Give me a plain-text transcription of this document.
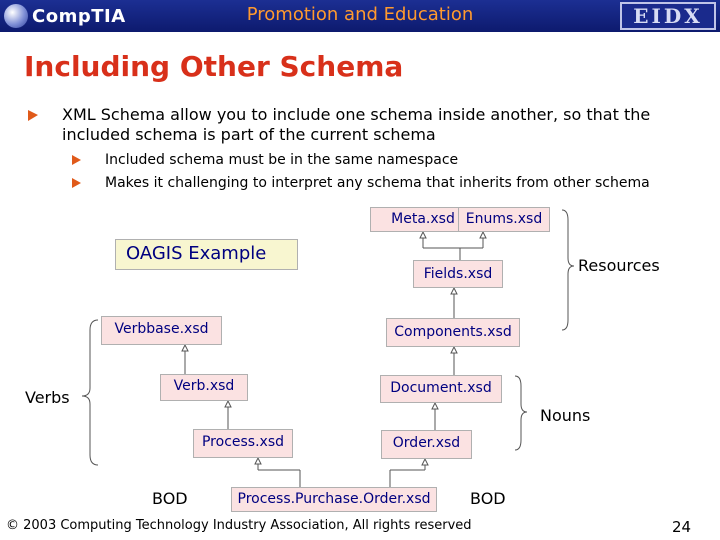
CompTIA	Promotion and Education	EIDX
Including Other Schema
XML Schema allow you to include one schema inside another, so that the included schema is part of the current schema
Included schema must be in the same namespace
Makes it challenging to interpret any schema that inherits from other schema
OAGIS Example
Meta.xsd Enums.xsd
Fields.xsd
Components.xsd
Document.xsd
Order.xsd
Verbbase.xsd
Verb.xsd
Process.xsd
Process.Purchase.Order.xsd
Resources
Nouns
Verbs
BOD	BOD
© 2003 Computing Technology Industry Association, All rights reserved	24
